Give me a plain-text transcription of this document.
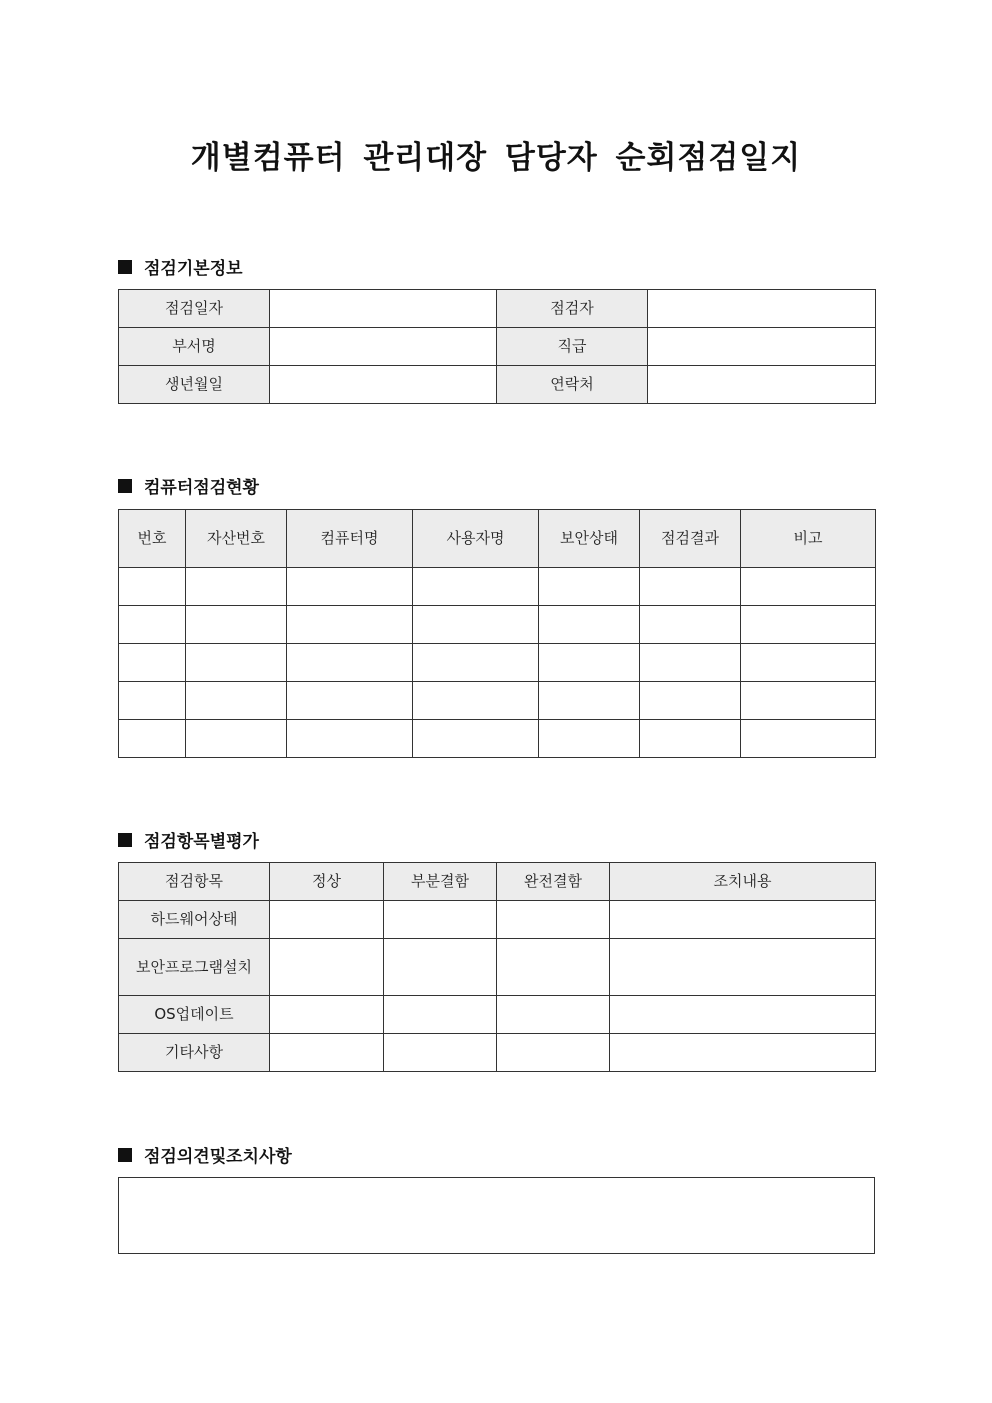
개별컴퓨터 관리대장 담당자 순회점검일지
점검기본정보
점검일자		점검자	
부서명		직급	
생년월일		연락처	
컴퓨터점검현황
번호	자산번호	컴퓨터명	사용자명	보안상태	점검결과	비고

점검항목별평가
점검항목	정상	부분결함	완전결함	조치내용
하드웨어상태				
보안프로그램설치				
OS업데이트				
기타사항				
점검의견및조치사항
